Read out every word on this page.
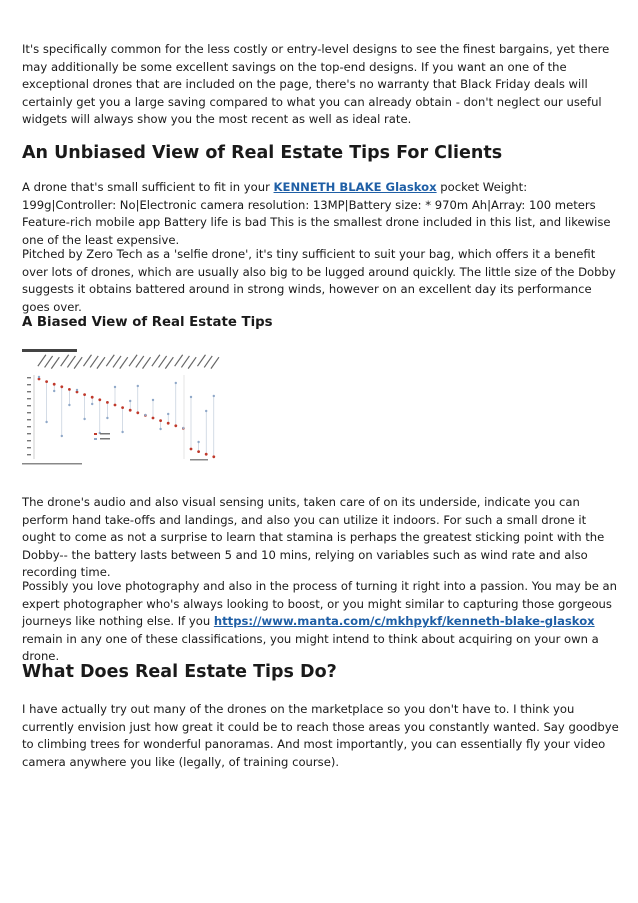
It's specifically common for the less costly or entry-level designs to see the finest bargains, yet there may additionally be some excellent savings on the top-end designs. If you want an one of the exceptional drones that are included on the page, there's no warranty that Black Friday deals will certainly get you a large saving compared to what you can already obtain - don't neglect our useful widgets will always show you the most recent as well as ideal rate.

An Unbiased View of Real Estate Tips For Clients

A drone that's small sufficient to fit in your KENNETH BLAKE Glaskox pocket Weight: 199g|Controller: No|Electronic camera resolution: 13MP|Battery size: * 970m Ah|Array: 100 meters Feature-rich mobile app Battery life is bad This is the smallest drone included in this list, and likewise one of the least expensive.

Pitched by Zero Tech as a 'selfie drone', it's tiny sufficient to suit your bag, which offers it a benefit over lots of drones, which are usually also big to be lugged around quickly. The little size of the Dobby suggests it obtains battered around in strong winds, however on an excellent day its performance goes over.

A Biased View of Real Estate Tips

The drone's audio and also visual sensing units, taken care of on its underside, indicate you can perform hand take-offs and landings, and also you can utilize it indoors. For such a small drone it ought to come as not a surprise to learn that stamina is perhaps the greatest sticking point with the Dobby-- the battery lasts between 5 and 10 mins, relying on variables such as wind rate and also recording time.

Possibly you love photography and also in the process of turning it right into a passion. You may be an expert photographer who's always looking to boost, or you might similar to capturing those gorgeous journeys like nothing else. If you https://www.manta.com/c/mkhpykf/kenneth-blake-glaskox remain in any one of these classifications, you might intend to think about acquiring on your own a drone.

What Does Real Estate Tips Do?

I have actually try out many of the drones on the marketplace so you don't have to. I think you currently envision just how great it could be to reach those areas you constantly wanted. Say goodbye to climbing trees for wonderful panoramas. And most importantly, you can essentially fly your video camera anywhere you like (legally, of training course).
